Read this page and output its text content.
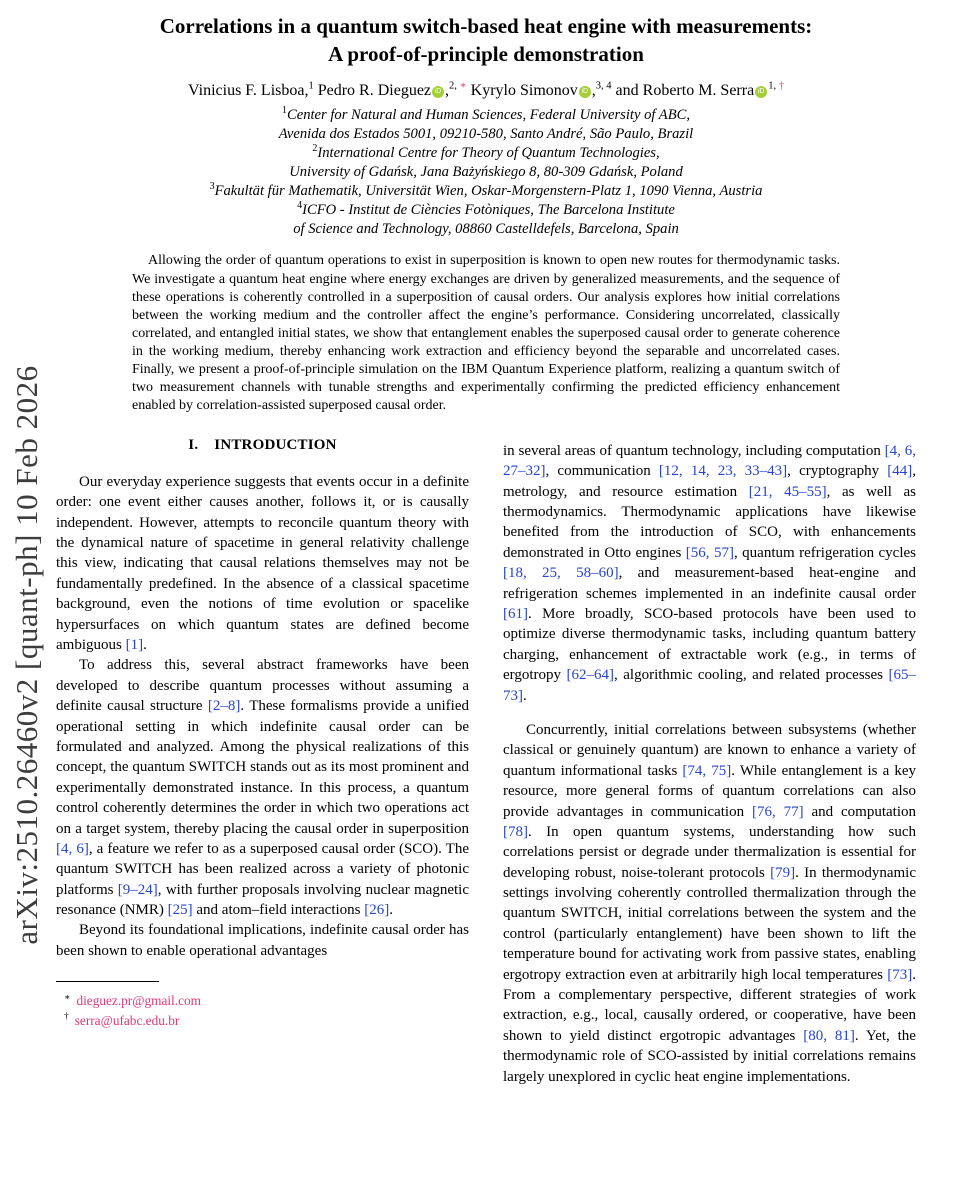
arXiv:2510.26460v2 [quant-ph] 10 Feb 2026
Correlations in a quantum switch-based heat engine with measurements:
A proof-of-principle demonstration
Vinicius F. Lisboa,$^1$ Pedro R. Dieguez iD ,$^{2,}$ ∗ Kyrylo Simonov iD ,$^{3, 4}$ and Roberto M. Serra iD $^{1,}$ †
$^1$Center for Natural and Human Sciences, Federal University of ABC,
Avenida dos Estados 5001, 09210-580, Santo André, São Paulo, Brazil
$^2$International Centre for Theory of Quantum Technologies,
University of Gdańsk, Jana Bażyńskiego 8, 80-309 Gdańsk, Poland
$^3$Fakultät für Mathematik, Universität Wien, Oskar-Morgenstern-Platz 1, 1090 Vienna, Austria
$^4$ICFO - Institut de Ciències Fotòniques, The Barcelona Institute
of Science and Technology, 08860 Castelldefels, Barcelona, Spain

Allowing the order of quantum operations to exist in superposition is known to open new routes for thermodynamic tasks. We investigate a quantum heat engine where energy exchanges are driven by generalized measurements, and the sequence of these operations is coherently controlled in a superposition of causal orders. Our analysis explores how initial correlations between the working medium and the controller affect the engine’s performance. Considering uncorrelated, classically correlated, and entangled initial states, we show that entanglement enables the superposed causal order to generate coherence in the working medium, thereby enhancing work extraction and efficiency beyond the separable and uncorrelated cases. Finally, we present a proof-of-principle simulation on the IBM Quantum Experience platform, realizing a quantum switch of two measurement channels with tunable strengths and experimentally confirming the predicted efficiency enhancement enabled by correlation-assisted superposed causal order.

I. INTRODUCTION

Our everyday experience suggests that events occur in a definite order: one event either causes another, follows it, or is causally independent. However, attempts to reconcile quantum theory with the dynamical nature of spacetime in general relativity challenge this view, indicating that causal relations themselves may not be fundamentally predefined. In the absence of a classical spacetime background, even the notions of time evolution or spacelike hypersurfaces on which quantum states are defined become ambiguous [1].

To address this, several abstract frameworks have been developed to describe quantum processes without assuming a definite causal structure [2–8]. These formalisms provide a unified operational setting in which indefinite causal order can be formulated and analyzed. Among the physical realizations of this concept, the quantum SWITCH stands out as its most prominent and experimentally demonstrated instance. In this process, a quantum control coherently determines the order in which two operations act on a target system, thereby placing the causal order in superposition [4, 6], a feature we refer to as a superposed causal order (SCO). The quantum SWITCH has been realized across a variety of photonic platforms [9–24], with further proposals involving nuclear magnetic resonance (NMR) [25] and atom–field interactions [26].

Beyond its foundational implications, indefinite causal order has been shown to enable operational advantages

∗ dieguez.pr@gmail.com
† serra@ufabc.edu.br

in several areas of quantum technology, including computation [4, 6, 27–32], communication [12, 14, 23, 33–43], cryptography [44], metrology, and resource estimation [21, 45–55], as well as thermodynamics. Thermodynamic applications have likewise benefited from the introduction of SCO, with enhancements demonstrated in Otto engines [56, 57], quantum refrigeration cycles [18, 25, 58–60], and measurement-based heat-engine and refrigeration schemes implemented in an indefinite causal order [61]. More broadly, SCO-based protocols have been used to optimize diverse thermodynamic tasks, including quantum battery charging, enhancement of extractable work (e.g., in terms of ergotropy [62–64], algorithmic cooling, and related processes [65–73].

Concurrently, initial correlations between subsystems (whether classical or genuinely quantum) are known to enhance a variety of quantum informational tasks [74, 75]. While entanglement is a key resource, more general forms of quantum correlations can also provide advantages in communication [76, 77] and computation [78]. In open quantum systems, understanding how such correlations persist or degrade under thermalization is essential for developing robust, noise-tolerant protocols [79]. In thermodynamic settings involving coherently controlled thermalization through the quantum SWITCH, initial correlations between the system and the control (particularly entanglement) have been shown to lift the temperature bound for activating work from passive states, enabling ergotropy extraction even at arbitrarily high local temperatures [73]. From a complementary perspective, different strategies of work extraction, e.g., local, causally ordered, or cooperative, have been shown to yield distinct ergotropic advantages [80, 81]. Yet, the thermodynamic role of SCO-assisted by initial correlations remains largely unexplored in cyclic heat engine implementations.
